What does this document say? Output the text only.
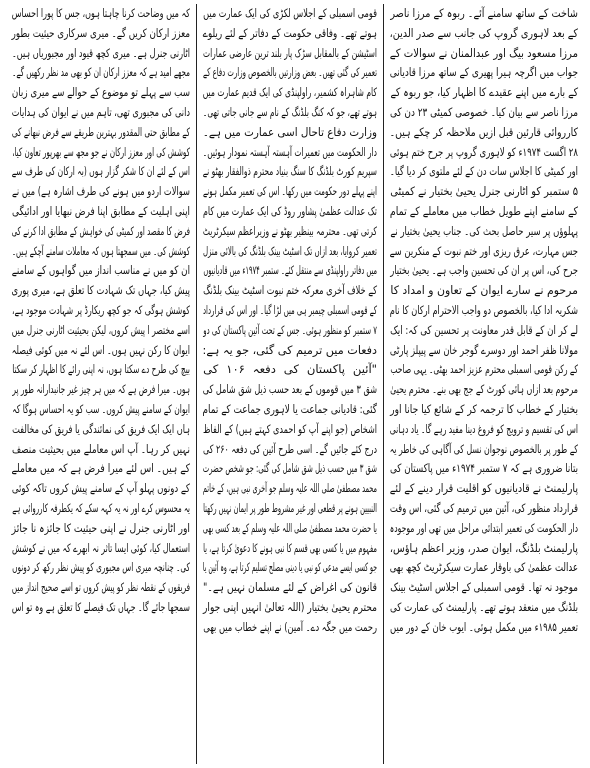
شاخت کے ساتھ سامنے آئے۔ ربوہ کے مرزا ناصر
کے بعد لاہوری گروپ کی جانب سے صدر الدین،
مرزا مسعود بیگ اور عبدالمنان نے سوالات کے
جواب میں اگرچہ ہیرا پھیری کے ساتھ مرزا قادیانی
کے بارے میں اپنے عقیدے کا اظہار کیا، جو ربوہ کے
مرزا ناصر سے بیان کیا۔ خصوصی کمیٹی ۲۳ دن کی
کارروائی قارئین قبل ازیں ملاحظہ کر چکے ہیں۔
۲۸ اگست ۱۹۷۴ء کو لاہوری گروپ پر جرح ختم ہوئی
اور کمیٹی کا اجلاس سات دن کے لئے ملتوی کر دیا گیا۔
۵ ستمبر کو اٹارنی جنرل یحییٰ بختیار نے کمیٹی
کے سامنے اپنے طویل خطاب میں معاملے کے تمام
پہلوؤں پر سیر حاصل بحث کی۔ جناب یحییٰ بختیار نے
جس مہارت، عرق ریزی اور ختم نبوت کے منکرین سے
جرح کی، اس پر ان کی تحسین واجب ہے۔ یحییٰ بختیار
مرحوم نے سارے ایوان کے تعاون و امداد کا
شکریہ ادا کیا، بالخصوص دو واجب الاحترام ارکان کا نام
لے کر ان کے قابل قدر معاونت پر تحسین کی کہ: ایک
مولانا ظفر احمد اور دوسرے گوجر خان سے پیپلز پارٹی
کے رکن قومی اسمبلی محترم عزیز احمد بھٹی۔ یہی صاحب
مرحوم بعد ازاں ہائی کورٹ کے جج بھی بنے۔ محترم یحییٰ
بختیار کے خطاب کا ترجمہ کر کے شائع کیا جانا اور
اس کی تقسیم و ترویج کو فروغ دینا مفید رہے گا۔ یاد دہانی
کے طور پر بالخصوص نوجوان نسل کی آگاہی کی خاطر یہ
بتانا ضروری ہے کہ ۷ ستمبر ۱۹۷۴ء میں پاکستان کی
پارلیمنٹ نے قادیانیوں کو اقلیت قرار دینے کے لئے
قرارداد منظور کی، آئین میں ترمیم کی گئی، اس وقت
دار الحکومت کی تعمیر ابتدائی مراحل میں تھی اور موجودہ
پارلیمنٹ بلڈنگ، ایوان صدر، وزیر اعظم ہاؤس،
عدالت عظمیٰ کی باوقار عمارت سیکرٹریٹ کچھ بھی
موجود نہ تھا۔ قومی اسمبلی کے اجلاس اسٹیٹ بینک
بلڈنگ میں منعقد ہوتے تھے۔ پارلیمنٹ کی عمارت کی
تعمیر ۱۹۸۵ء میں مکمل ہوئی۔ ایوب خان کے دور میں
قومی اسمبلی کے اجلاس لکڑی کی ایک عمارت میں
ہوتے تھے۔ وفاقی حکومت کے دفاتر کے لئے ریلوے
اسٹیشن کے بالمقابل سڑک پار بلند ترین عارضی عمارات
تعمیر کی گئی تھیں۔ بعض وزارتیں بالخصوص وزارت دفاع کے
کام شاہراہ کشمیر، راولپنڈی کی ایک قدیم عمارت میں
ہوتے تھے، جو کہ کنگ بلڈنگ کے نام سے جانی جاتی تھی۔
وزارت دفاع تاحال اسی عمارت میں ہے۔
دار الحکومت میں تعمیرات آہستہ آہستہ نمودار ہوئیں۔
سپریم کورٹ بلڈنگ کا سنگ بنیاد محترم ذوالفقار بھٹو نے
اپنے پہلے دور حکومت میں رکھا۔ اس کی تعمیر مکمل ہونے
تک عدالت عظمیٰ پشاور روڈ کی ایک عمارت میں کام
کرتی تھی۔ محترمہ بینظیر بھٹو نے وزیراعظم سیکرٹریٹ
تعمیر کروایا، بعد ازاں تک اسٹیٹ بینک بلڈنگ کی بالائی منزل
میں دفاتر راولپنڈی سے منتقل کئے۔ ستمبر ۱۹۷۴ء میں قادیانیوں
کے خلاف آخری معرکہ ختم نبوت اسٹیٹ بینک بلڈنگ
کے قومی اسمبلی چیمبر ہی میں لڑا گیا۔ اور اس کی قرارداد
۷ ستمبر کو منظور ہوئی۔ جس کے تحت آئین پاکستان کی دو
دفعات میں ترمیم کی گئی، جو یہ ہے:
"آئین پاکستان کی دفعہ ۱۰۶ کی
شق ۳ میں قوموں کے بعد حسب ذیل شق شامل کی
گئی: قادیانی جماعت یا لاہوری جماعت کے تمام
اشخاص (جو اپنے آپ کو احمدی کہتے ہیں) کے الفاظ
درج کئے جائیں گے۔ اسی طرح آئین کی دفعہ ۲۶۰ کی
شق ۳ میں حسب ذیل شق شامل کی گئی: جو شخص حضرت
محمد مصطفیٰ صلی اللہ علیہ وسلم جو آخری نبی ہیں، کے خاتم
النبیین ہونے پر قطعی اور غیر مشروط طور پر ایمان نہیں رکھتا
یا حضرت محمد مصطفیٰ صلی اللہ علیہ وسلم کے بعد کسی بھی
مفہوم میں یا کسی بھی قسم کا نبی ہونے کا دعویٰ کرتا ہے، یا
جو کسی ایسے مدعی کو نبی یا دینی مصلح تسلیم کرتا ہے، وہ آئین یا
قانون کی اغراض کے لئے مسلمان نہیں ہے۔"
محترم یحییٰ بختیار (اللہ تعالیٰ انہیں اپنی جوار
رحمت میں جگہ دے۔ آمین) نے اپنے خطاب میں بھی
کہ میں وضاحت کرنا چاہتا ہوں، جس کا پورا احساس
معزز ارکان کریں گے۔ میری سرکاری حیثیت بطور
اٹارنی جنرل ہے۔ میری کچھ قیود اور مجبوریاں ہیں۔
مجھے امید ہے کہ معزز ارکان ان کو بھی مد نظر رکھیں گے۔
سب سے پہلے تو موضوع کے حوالے سے میری زبان
دانی کی مجبوری تھی، تاہم میں نے ایوان کی ہدایات
کے مطابق حتی المقدور بہترین طریقے سے فرض نبھانے کی
کوشش کی اور معزز ارکان نے جو مجھ سے بھرپور تعاون کیا،
اس کے لئے ان کا شکر گزار ہوں (بہ ارکان کی طرف سے
سوالات اردو میں ہونے کی طرف اشارہ ہے) میں نے
اپنی اہلیت کے مطابق اپنا فرض نبھایا اور ادائیگی
فرض کا مقصد اور کمیٹی کی خواہش کے مطابق ادا کرنے کی
کوشش کی۔ میں سمجھتا ہوں کہ معاملات سامنے آچکے ہیں۔
ان کو میں نے مناسب انداز میں گواہوں کے سامنے
پیش کیا، جہاں تک شہادت کا تعلق ہے، میری پوری
کوشش ہوگی کہ جو کچھ ریکارڈ پر شہادت موجود ہے،
اسے مختصر ا پیش کروں، لیکن بحیثیت اٹارنی جنرل میں
ایوان کا رکن نہیں ہوں۔ اس لئے نہ میں کوئی فیصلہ
بیچ کی طرح دے سکتا ہوں، نہ اپنی رائے کا اظہار کر سکتا
ہوں۔ میرا فرض ہے کہ میں ہر چیز غیر جانبدارانہ طور پر
ایوان کے سامنے پیش کروں۔ سب کو یہ احساس ہوگا کہ
ہاں ایک ایک فریق کی نمائندگی یا فریق کی مخالفت
نہیں کر رہا۔ آپ اس معاملے میں بحیثیت منصف
کے ہیں۔ اس لئے میرا فرض ہے کہ میں معاملے
کے دونوں پہلو آپ کے سامنے پیش کروں تاکہ کوئی
یہ محسوس کرے اور نہ یہ کہہ سکے کہ یکطرفہ کارروائی ہے
اور اٹارنی جنرل نے اپنی حیثیت کا جائزہ نا جائز
استعمال کیا، کوئی ایسا تاثر نہ ابھرے کہ میں نے کوشش
کی۔ چنانچہ میری اس مجبوری کو پیش نظر رکھ کر دونوں
فریقوں کے نقطہ نظر کو پیش کروں تو اسے صحیح انداز میں
سمجھا جائے گا۔ جہاں تک فیصلے کا تعلق ہے وہ تو اس
